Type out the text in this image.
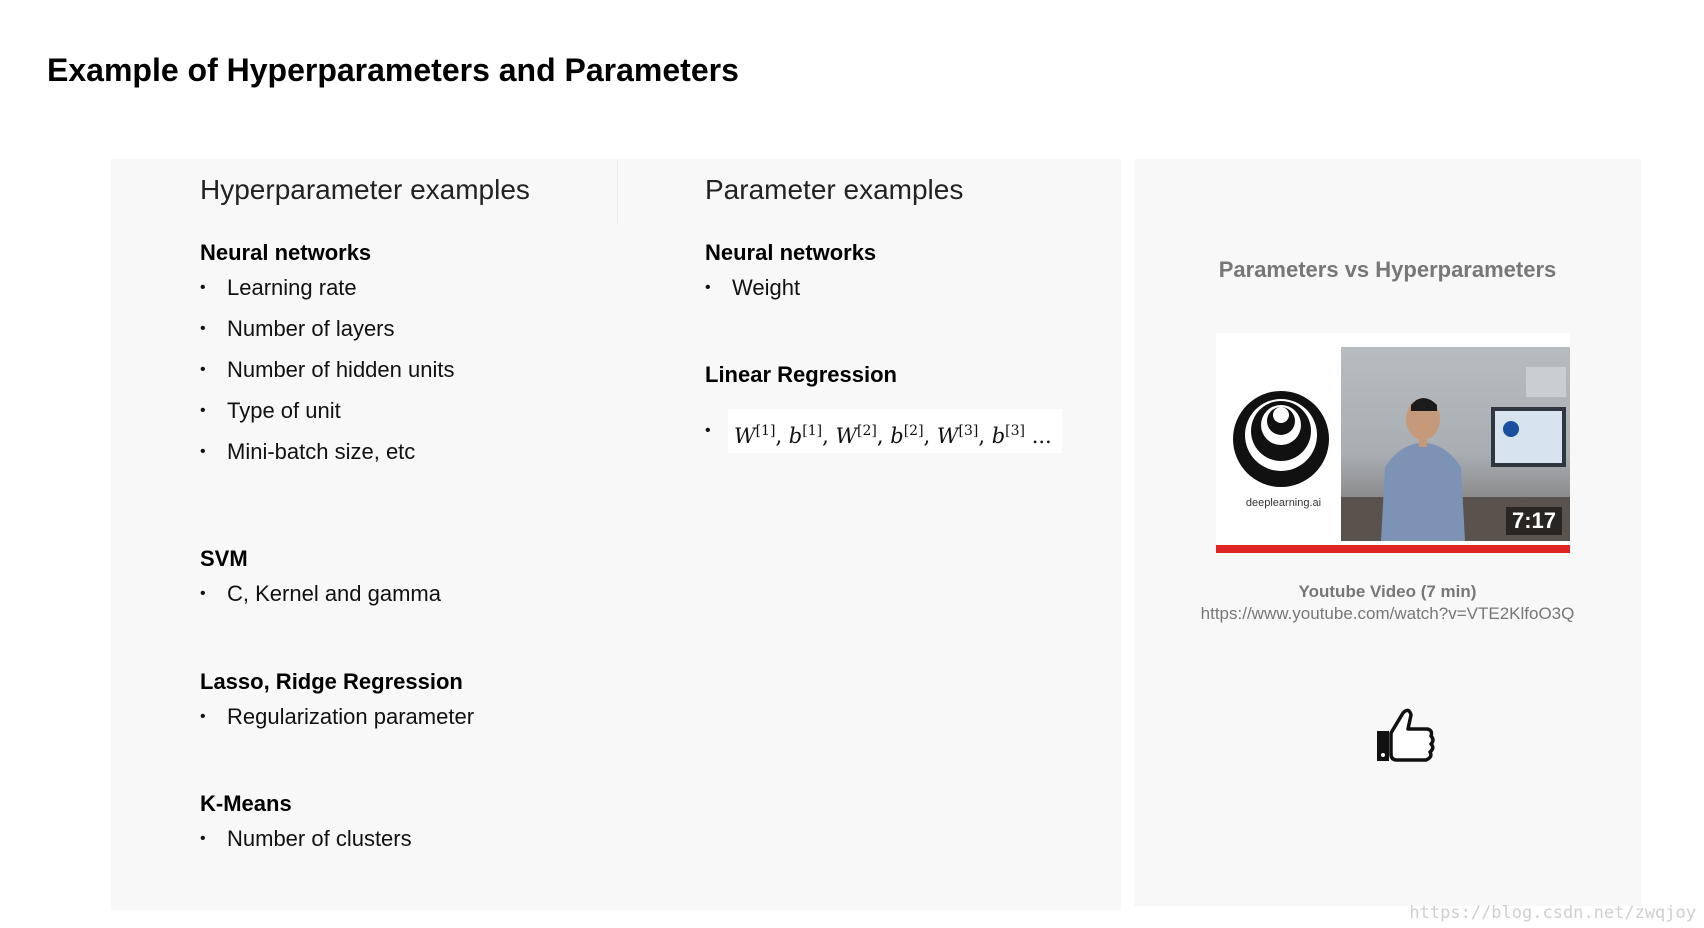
Example of Hyperparameters and Parameters
Hyperparameter examples
Neural networks
• Learning rate
• Number of layers
• Number of hidden units
• Type of unit
• Mini-batch size, etc
SVM
• C, Kernel and gamma
Lasso, Ridge Regression
• Regularization parameter
K-Means
• Number of clusters
Parameter examples
Neural networks
• Weight
Linear Regression
• W[1], b[1], W[2], b[2], W[3], b[3] ...
Parameters vs Hyperparameters
deeplearning.ai
7:17

Youtube Video (7 min)

https://www.youtube.com/watch?v=VTE2KlfoO3Q
https://blog.csdn.net/zwqjoy
